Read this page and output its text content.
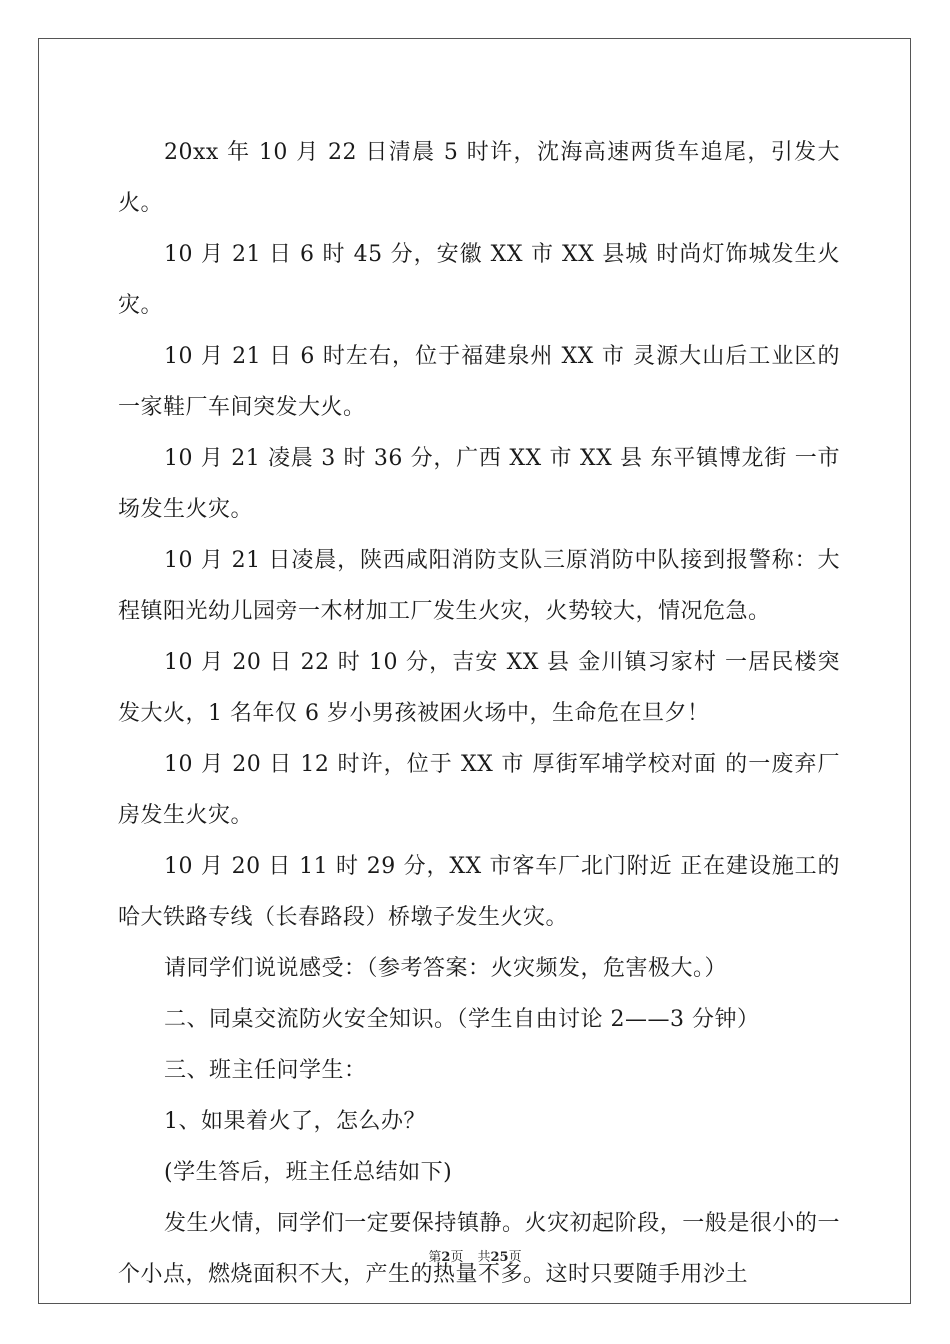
20xx 年 10 月 22 日清晨 5 时许，沈海高速两货车追尾，引发大火。

10 月 21 日 6 时 45 分，安徽 XX 市 XX 县城 时尚灯饰城发生火灾。

10 月 21 日 6 时左右，位于福建泉州 XX 市 灵源大山后工业区的一家鞋厂车间突发大火。

10 月 21 凌晨 3 时 36 分，广西 XX 市 XX 县 东平镇博龙街 一市场发生火灾。

10 月 21 日凌晨，陕西咸阳消防支队三原消防中队接到报警称：大程镇阳光幼儿园旁一木材加工厂发生火灾，火势较大，情况危急。

10 月 20 日 22 时 10 分，吉安 XX 县 金川镇习家村 一居民楼突发大火，1 名年仅 6 岁小男孩被困火场中，生命危在旦夕！

10 月 20 日 12 时许，位于 XX 市 厚街军埔学校对面 的一废弃厂房发生火灾。

10 月 20 日 11 时 29 分，XX 市客车厂北门附近 正在建设施工的哈大铁路专线（长春路段）桥墩子发生火灾。

请同学们说说感受：（参考答案：火灾频发，危害极大。）

二、同桌交流防火安全知识。（学生自由讨论 2——3 分钟）

三、班主任问学生：

1、如果着火了，怎么办？

(学生答后，班主任总结如下)

发生火情，同学们一定要保持镇静。火灾初起阶段，一般是很小的一个小点，燃烧面积不大，产生的热量不多。这时只要随手用沙土

第2页 共25页
